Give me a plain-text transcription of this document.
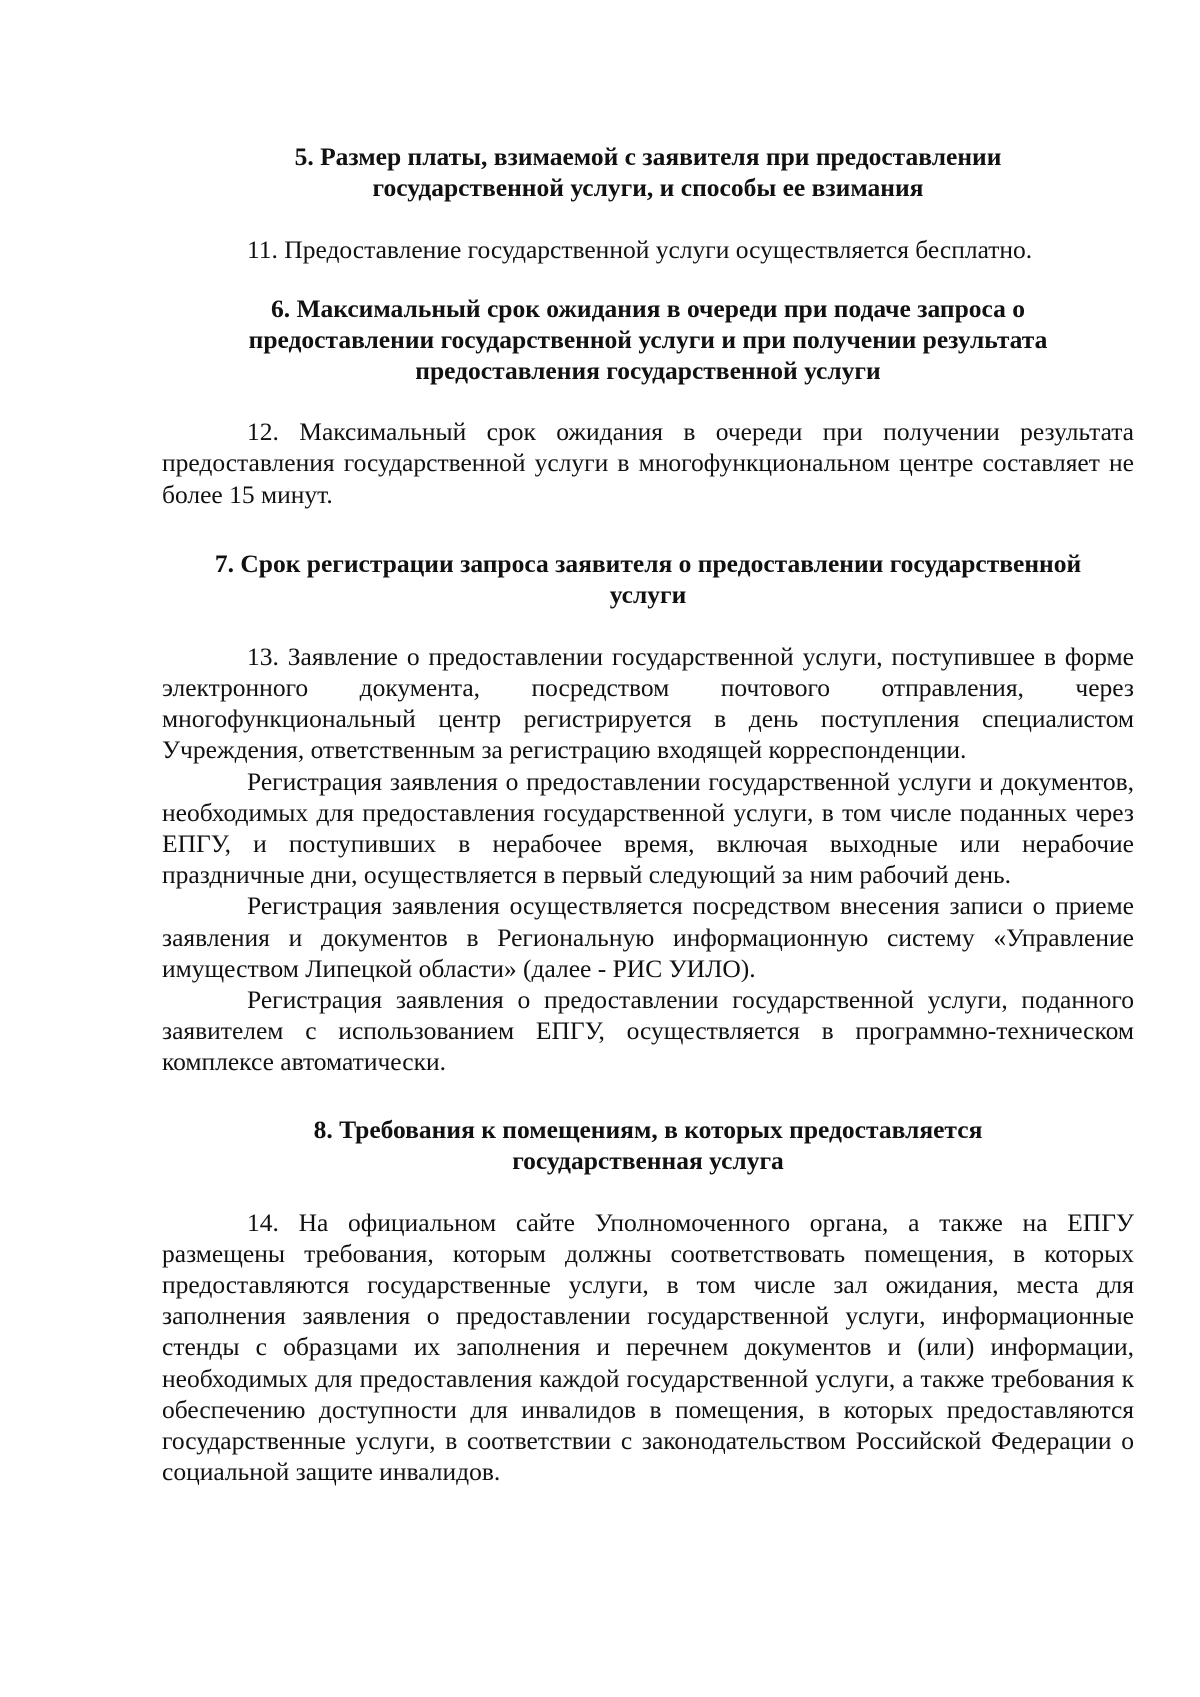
5. Размер платы, взимаемой с заявителя при предоставлении
государственной услуги, и способы ее взимания

11. Предоставление государственной услуги осуществляется бесплатно.

6. Максимальный срок ожидания в очереди при подаче запроса о
предоставлении государственной услуги и при получении результата
предоставления государственной услуги

12. Максимальный срок ожидания в очереди при получении результата предоставления государственной услуги в многофункциональном центре составляет не более 15 минут.

7. Срок регистрации запроса заявителя о предоставлении государственной
услуги

13. Заявление о предоставлении государственной услуги, поступившее в форме электронного документа, посредством почтового отправления, через многофункциональный центр регистрируется в день поступления специалистом Учреждения, ответственным за регистрацию входящей корреспонденции.

Регистрация заявления о предоставлении государственной услуги и документов, необходимых для предоставления государственной услуги, в том числе поданных через ЕПГУ, и поступивших в нерабочее время, включая выходные или нерабочие праздничные дни, осуществляется в первый следующий за ним рабочий день.

Регистрация заявления осуществляется посредством внесения записи о приеме заявления и документов в Региональную информационную систему «Управление имуществом Липецкой области» (далее - РИС УИЛО).

Регистрация заявления о предоставлении государственной услуги, поданного заявителем с использованием ЕПГУ, осуществляется в программно-техническом комплексе автоматически.

8. Требования к помещениям, в которых предоставляется
государственная услуга

14. На официальном сайте Уполномоченного органа, а также на ЕПГУ размещены требования, которым должны соответствовать помещения, в которых предоставляются государственные услуги, в том числе зал ожидания, места для заполнения заявления о предоставлении государственной услуги, информационные стенды с образцами их заполнения и перечнем документов и (или) информации, необходимых для предоставления каждой государственной услуги, а также требования к обеспечению доступности для инвалидов в помещения, в которых предоставляются государственные услуги, в соответствии с законодательством Российской Федерации о социальной защите инвалидов.
